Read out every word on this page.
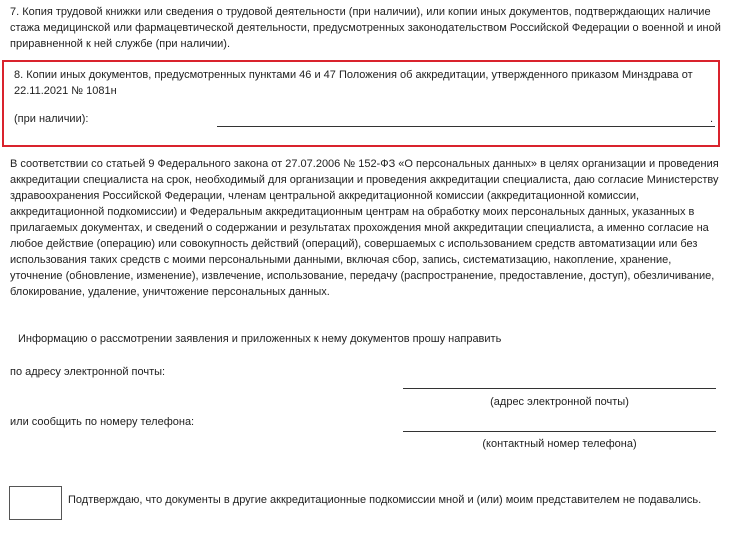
7. Копия трудовой книжки или сведения о трудовой деятельности (при наличии), или копии иных документов, подтверждающих наличие стажа медицинской или фармацевтической деятельности, предусмотренных законодательством Российской Федерации о военной и иной приравненной к ней службе (при наличии).
8. Копии иных документов, предусмотренных пунктами 46 и 47 Положения об аккредитации, утвержденного приказом Минздрава от 22.11.2021 № 1081н
(при наличии):	.
В соответствии со статьей 9 Федерального закона от 27.07.2006 № 152-ФЗ «О персональных данных» в целях организации и проведения аккредитации специалиста на срок, необходимый для организации и проведения аккредитации специалиста, даю согласие Министерству здравоохранения Российской Федерации, членам центральной аккредитационной комиссии (аккредитационной комиссии, аккредитационной подкомиссии) и Федеральным аккредитационным центрам на обработку моих персональных данных, указанных в прилагаемых документах, и сведений о содержании и результатах прохождения мной аккредитации специалиста, а именно согласие на любое действие (операцию) или совокупность действий (операций), совершаемых с использованием средств автоматизации или без использования таких средств с моими персональными данными, включая сбор, запись, систематизацию, накопление, хранение, уточнение (обновление, изменение), извлечение, использование, передачу (распространение, предоставление, доступ), обезличивание, блокирование, удаление, уничтожение персональных данных.
Информацию о рассмотрении заявления и приложенных к нему документов прошу направить
по адресу электронной почты:
(адрес электронной почты)
или сообщить по номеру телефона:
(контактный номер телефона)
Подтверждаю, что документы в другие аккредитационные подкомиссии мной и (или) моим представителем не подавались.
